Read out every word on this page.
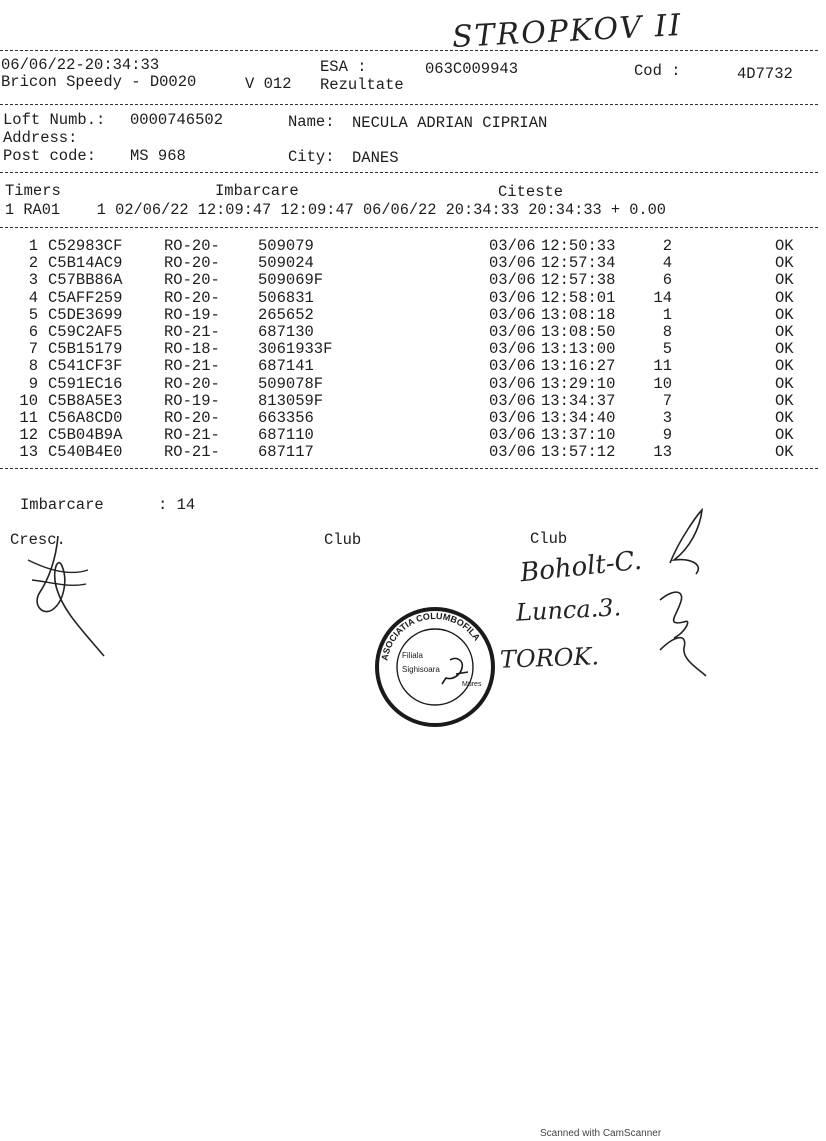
STROPKOV II
06/06/22-20:34:33	ESA :	063C009943	Cod :	4D7732
Bricon Speedy - D0020	V 012 Rezultate
Loft Numb.: 0000746502	Name: NECULA ADRIAN CIPRIAN
Address:
Post code: MS 968	City: DANES
Timers	Imbarcare	Citeste
1 RA01    1 02/06/22 12:09:47 12:09:47 06/06/22 20:34:33 20:34:33 + 0.00
1 C52983CF	RO-20- 509079	03/06 12:50:33	2	OK
2 C5B14AC9	RO-20- 509024	03/06 12:57:34	4	OK
3 C57BB86A	RO-20- 509069F	03/06 12:57:38	6	OK
4 C5AFF259	RO-20- 506831	03/06 12:58:01	14	OK
5 C5DE3699	RO-19- 265652	03/06 13:08:18	1	OK
6 C59C2AF5	RO-21- 687130	03/06 13:08:50	8	OK
7 C5B15179	RO-18- 3061933F	03/06 13:13:00	5	OK
8 C541CF3F	RO-21- 687141	03/06 13:16:27	11	OK
9 C591EC16	RO-20- 509078F	03/06 13:29:10	10	OK
10 C5B8A5E3	RO-19- 813059F	03/06 13:34:37	7	OK
11 C56A8CD0	RO-20- 663356	03/06 13:34:40	3	OK
12 C5B04B9A	RO-21- 687110	03/06 13:37:10	9	OK
13 C540B4E0	RO-21- 687117	03/06 13:57:12	13	OK
Imbarcare	: 14
Cresc.	Club	Club
Boholt-C.
Lunca.3.
TOROK.
ASOCIATIA COLUMBOFILA
Filiala
Sighisoara
Mures
Scanned with CamScanner
